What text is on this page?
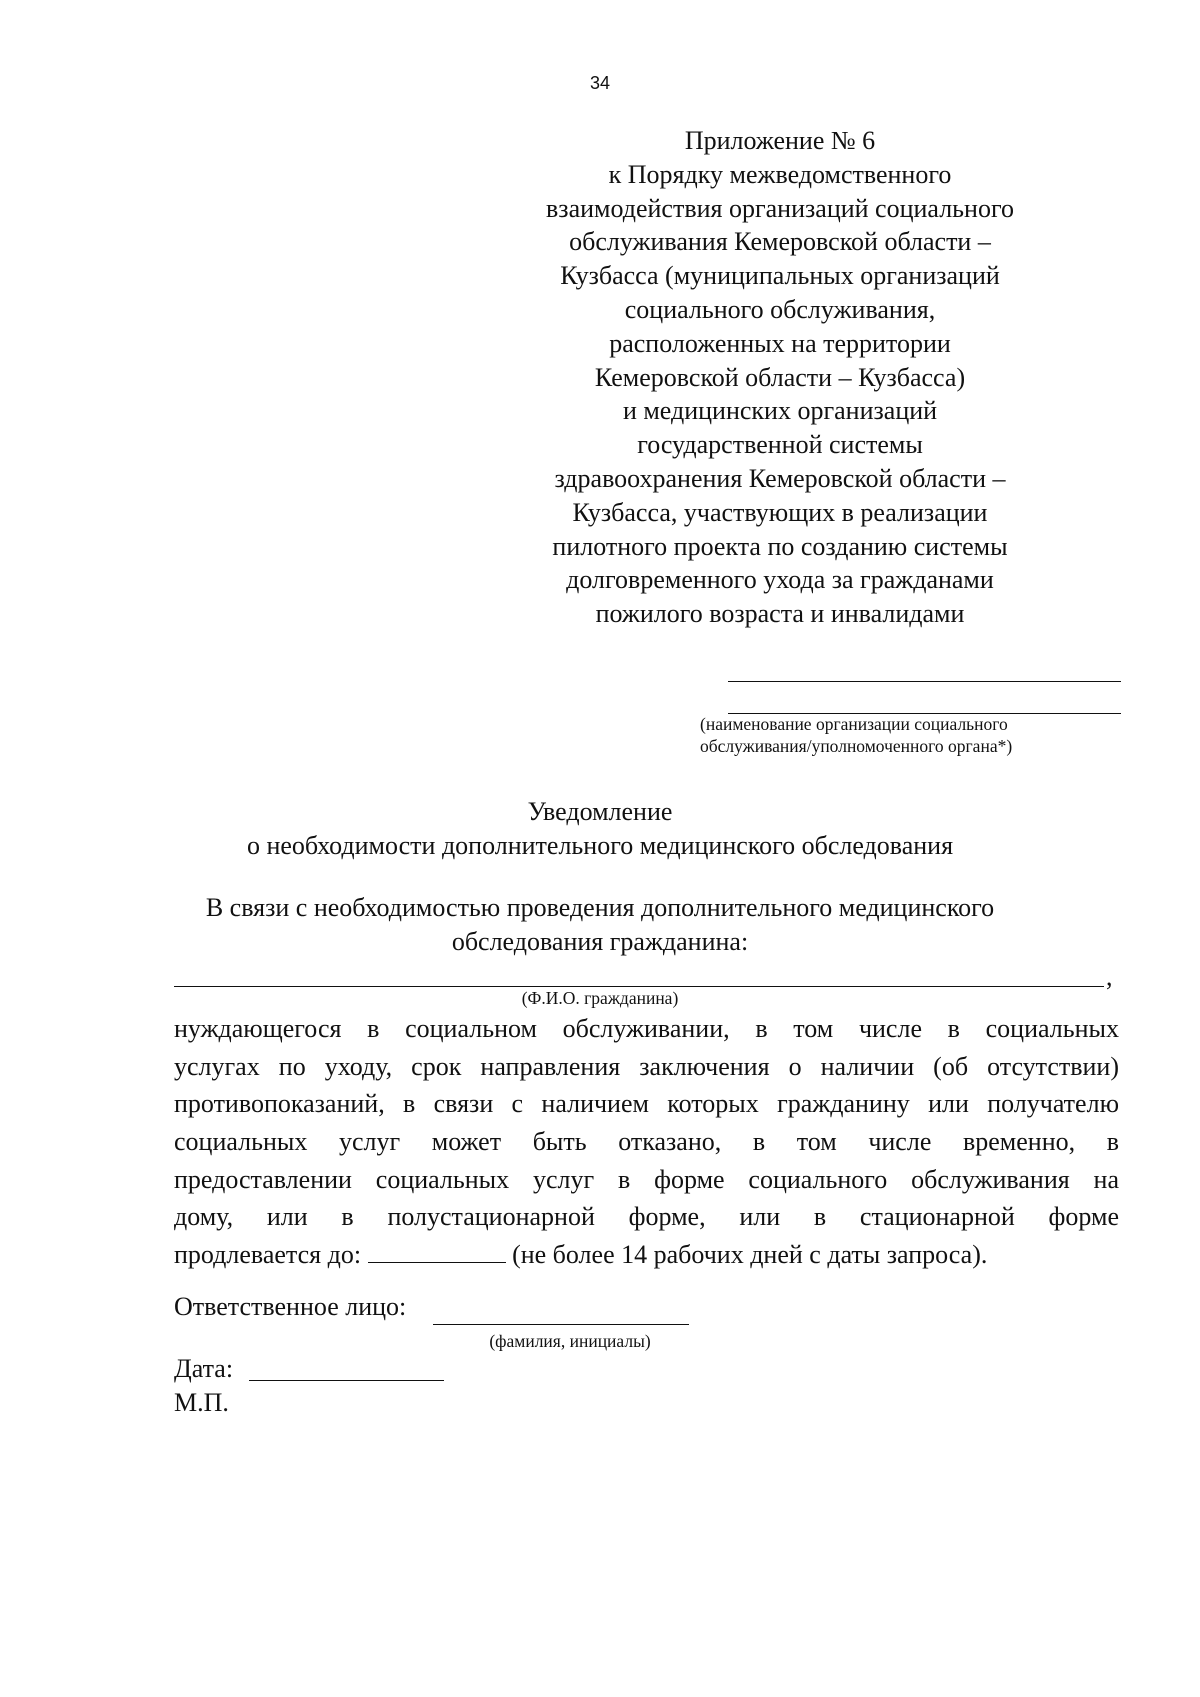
34
Приложение № 6
к Порядку межведомственного
взаимодействия организаций социального
обслуживания Кемеровской области –
Кузбасса (муниципальных организаций
социального обслуживания,
расположенных на территории
Кемеровской области – Кузбасса)
и медицинских организаций
государственной системы
здравоохранения Кемеровской области –
Кузбасса, участвующих в реализации
пилотного проекта по созданию системы
долговременного ухода за гражданами
пожилого возраста и инвалидами
(наименование организации социального
обслуживания/уполномоченного органа*)
Уведомление
о необходимости дополнительного медицинского обследования
В связи с необходимостью проведения дополнительного медицинского
обследования гражданина:
,
(Ф.И.О. гражданина)
нуждающегося в социальном обслуживании, в том числе в социальных
услугах по уходу, срок направления заключения о наличии (об отсутствии)
противопоказаний, в связи с наличием которых гражданину или получателю
социальных услуг может быть отказано, в том числе временно, в
предоставлении социальных услуг в форме социального обслуживания на
дому, или в полустационарной форме, или в стационарной форме
продлевается до:	(не более 14 рабочих дней с даты запроса).
Ответственное лицо:
(фамилия, инициалы)
Дата:
М.П.
